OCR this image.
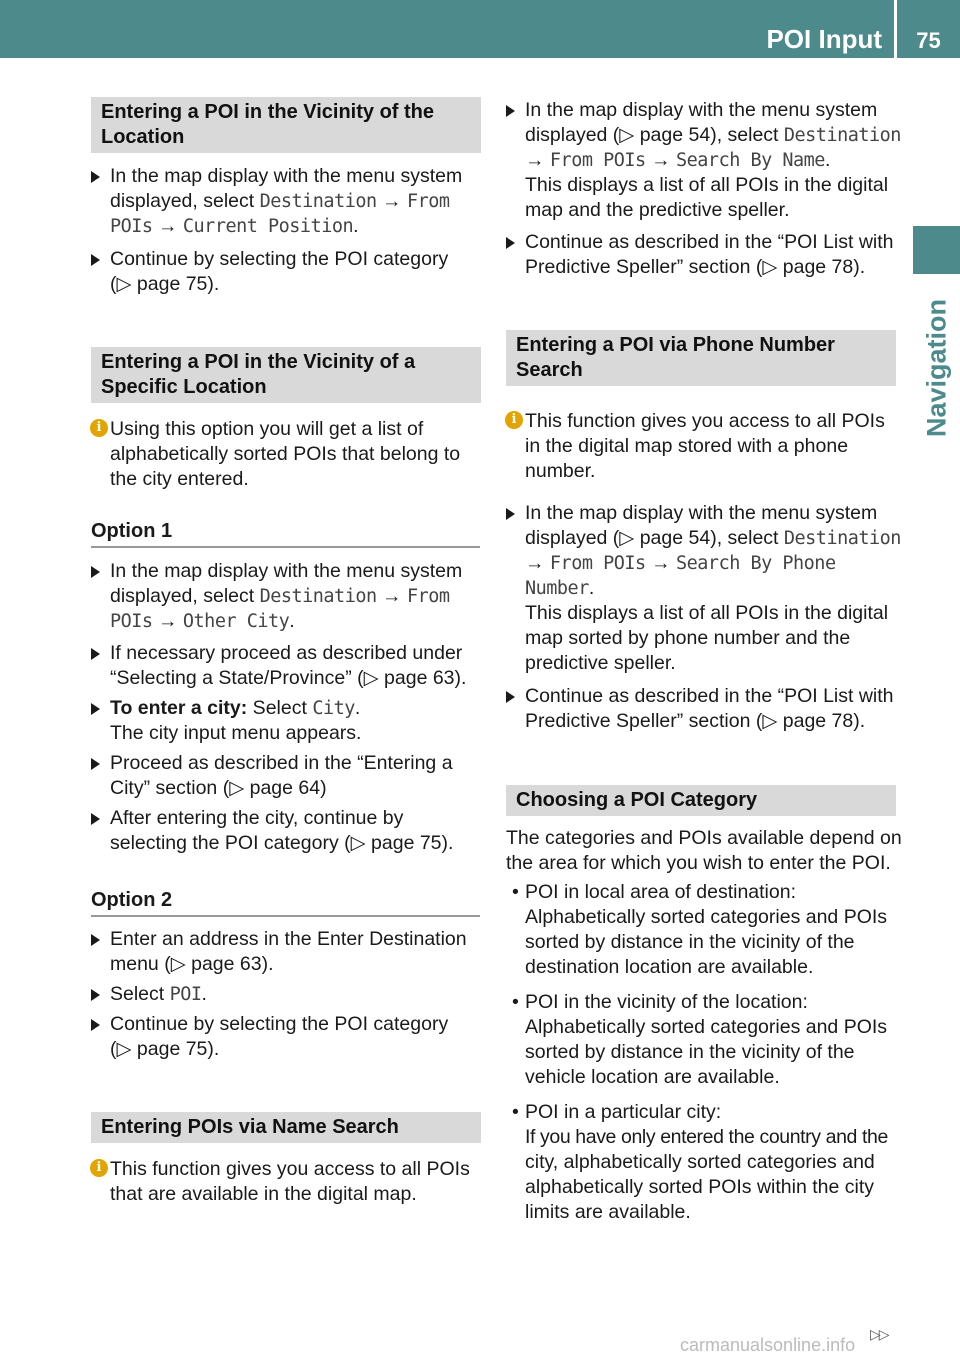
POI Input	75
Navigation
Entering a POI in the Vicinity of the
Location
In the map display with the menu system
displayed, select Destination → From
POIs → Current Position.
Continue by selecting the POI category
(▷ page 75).
Entering a POI in the Vicinity of a
Specific Location
i Using this option you will get a list of
alphabetically sorted POIs that belong to
the city entered.
Option 1
In the map display with the menu system
displayed, select Destination → From
POIs → Other City.
If necessary proceed as described under
“Selecting a State/Province” (▷ page 63).
To enter a city: Select City.
The city input menu appears.
Proceed as described in the “Entering a
City” section (▷ page 64)
After entering the city, continue by
selecting the POI category (▷ page 75).
Option 2
Enter an address in the Enter Destination
menu (▷ page 63).
Select POI.
Continue by selecting the POI category
(▷ page 75).
Entering POIs via Name Search
i This function gives you access to all POIs
that are available in the digital map.
In the map display with the menu system
displayed (▷ page 54), select Destination
→ From POIs → Search By Name.
This displays a list of all POIs in the digital
map and the predictive speller.
Continue as described in the “POI List with
Predictive Speller” section (▷ page 78).
Entering a POI via Phone Number
Search
i This function gives you access to all POIs
in the digital map stored with a phone
number.
In the map display with the menu system
displayed (▷ page 54), select Destination
→ From POIs → Search By Phone
Number.
This displays a list of all POIs in the digital
map sorted by phone number and the
predictive speller.
Continue as described in the “POI List with
Predictive Speller” section (▷ page 78).
Choosing a POI Category
The categories and POIs available depend on
the area for which you wish to enter the POI.
• POI in local area of destination:
Alphabetically sorted categories and POIs
sorted by distance in the vicinity of the
destination location are available.
• POI in the vicinity of the location:
Alphabetically sorted categories and POIs
sorted by distance in the vicinity of the
vehicle location are available.
• POI in a particular city:
If you have only entered the country and the
city, alphabetically sorted categories and
alphabetically sorted POIs within the city
limits are available.
carmanualsonline.info
▷▷
